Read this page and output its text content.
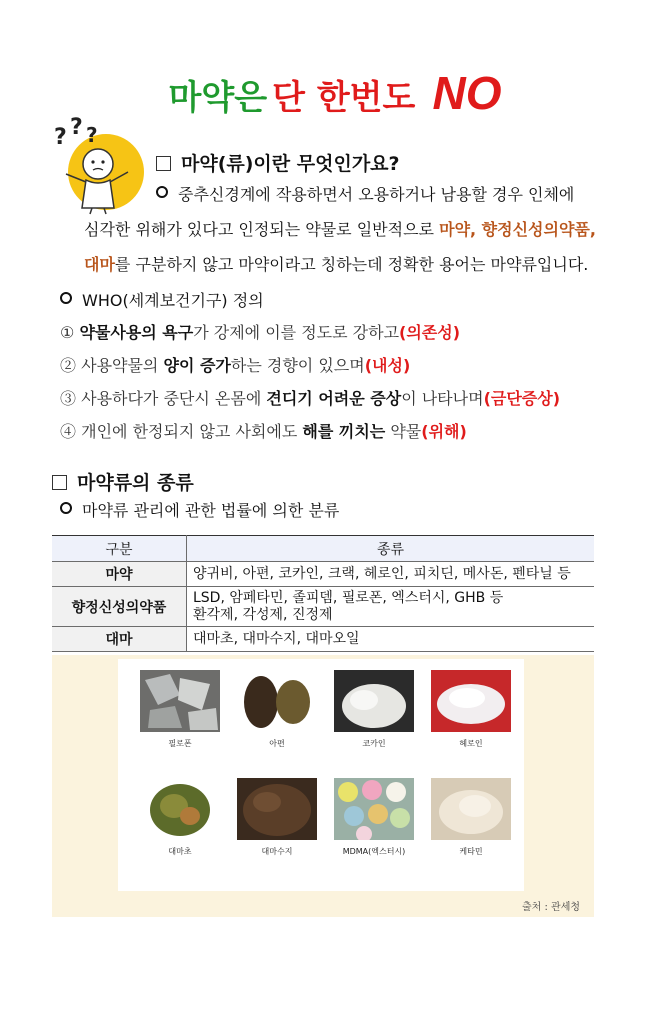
마약은 단 한번도 NO
? ? ?
마약(류)이란 무엇인가요?
중추신경계에 작용하면서 오용하거나 남용할 경우 인체에
심각한 위해가 있다고 인정되는 약물로 일반적으로 마약, 향정신성의약품,
대마를 구분하지 않고 마약이라고 칭하는데 정확한 용어는 마약류입니다.
WHO(세계보건기구) 정의
① 약물사용의 욕구가 강제에 이를 정도로 강하고(의존성)
② 사용약물의 양이 증가하는 경향이 있으며(내성)
③ 사용하다가 중단시 온몸에 견디기 어려운 증상이 나타나며(금단증상)
④ 개인에 한정되지 않고 사회에도 해를 끼치는 약물(위해)
마약류의 종류
마약류 관리에 관한 법률에 의한 분류
구분	종류
마약	양귀비, 아편, 코카인, 크랙, 헤로인, 피치딘, 메사돈, 펜타닐 등
향정신성의약품	LSD, 암페타민, 졸피뎀, 필로폰, 엑스터시, GHB 등
환각제, 각성제, 진정제

대마	대마초, 대마수지, 대마오일
필로폰	아편	코카인	헤로인
대마초	대마수지	MDMA(엑스터시)	케타민
출처 : 관세청
